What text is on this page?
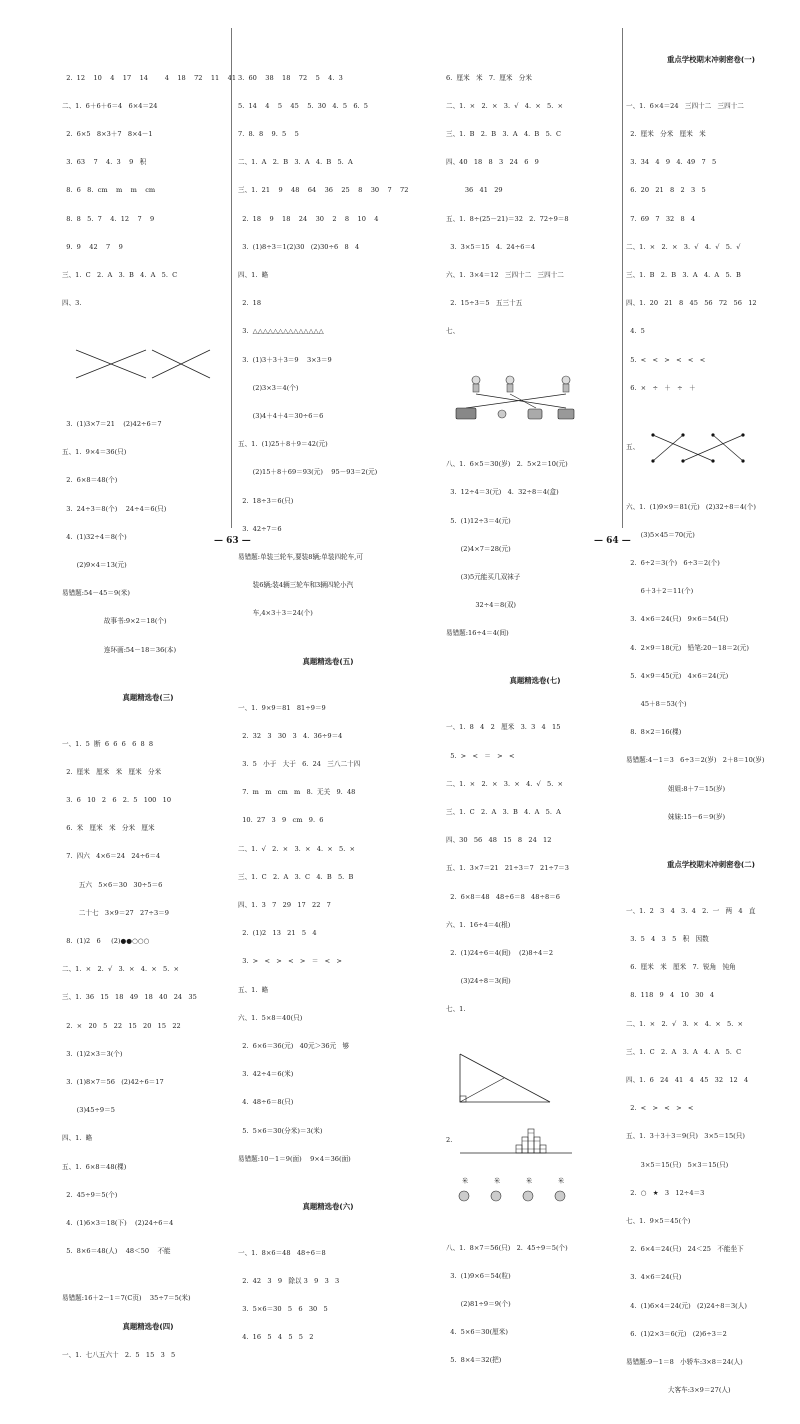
2.  12    10    4    17    14        4    18    72    11    41

二、1.  6＋6＋6＝4   6×4＝24

2.  6×5   8×3＋7   8×4－1

3.  63    7    4.  3    9   积

8.  6   8.  cm    m    m    cm

8.  8   5.  7    4.  12    7    9

9.  9    42    7    9

三、1.  C   2.  A   3.  B   4.  A   5.  C

四、3.

3.  (1)3×7＝21    (2)42÷6＝7

五、1.  9×4＝36(只)

2.  6×8＝48(个)

3.  24÷3＝8(个)    24÷4＝6(只)

4.  (1)32÷4＝8(个)

(2)9×4＝13(元)

易错题:54－45＝9(米)

故事书:9×2＝18(个)

连环画:54－18＝36(本)

真题精选卷(三)

一、1.  5  断  6  6  6   6  8  8

2.  厘米   厘米   米   厘米   分米

3.  6   10   2   6   2.  5   100   10

6.  米   厘米   米   分米   厘米

7.  四六   4×6＝24   24÷6＝4

五六   5×6＝30   30÷5＝6

二十七   3×9＝27   27÷3＝9

8.  (1)2   6     (2)●●○○○

二、1.  ×   2.  √   3.  ×   4.  ×   5.  ×

三、1.  36   15   18   49   18   40   24   35

2.  ×   20   5   22   15   20   15   22

3.  (1)2×3＝3(个)

3.  (1)8×7＝56   (2)42÷6＝17

(3)45÷9＝5

四、1.  略

五、1.  6×8＝48(棵)

2.  45÷9＝5(个)

4.  (1)6×3＝18(下)    (2)24÷6＝4

5.  8×6＝48(人)    48＜50    不能

易错题:16＋2－1＝7(C页)    35÷7＝5(米)

真题精选卷(四)

一、1.  七八五六十   2.  5   15   3   5

3.  60    38    18    72    5    4.  3

5.  14    4    5    45    5.  30   4.  5   6.  5

7.  8.  8    9.  5    5

二、1.  A   2.  B   3.  A   4.  B   5.  A

三、1.  21    9    48    64    36    25    8    30    7    72

2.  18    9    18    24    30    2    8    10    4

3.  (1)8÷3＝1(2)30   (2)30÷6   8   4

四、1.  略

2.  18

3.  △△△△△△△△△△△△△△

3.  (1)3＋3＋3＝9    3×3＝9

(2)3×3＝4(个)

(3)4＋4＋4＝30÷6＝6

五、1.  (1)25＋8＋9＝42(元)

(2)15＋8＋69＝93(元)    95－93＝2(元)

2.  18÷3＝6(只)

3.  42÷7＝6

易错题:单装三轮车,要装8辆;单装四轮车,可

装6辆;装4辆三轮车和3辆四轮小汽

车,4×3＋3＝24(个)

真题精选卷(五)

一、1.  9×9＝81   81÷9＝9

2.  32   3   30   3   4.  36÷9＝4

3.  5   小于   大于   6.  24   三八二十四

7.  m   m   cm   m   8.  无关   9.  48

10.  27   3   9   cm   9.  6

二、1.  √   2.  ×   3.  ×   4.  ×   5.  ×

三、1.  C   2.  A   3.  C   4.  B   5.  B

四、1.  3   7   29   17   22   7

2.  (1)2   13   21   5   4

3.  >   <   >   <   >   ＝   <   >

五、1.  略

六、1.  5×8＝40(只)

2.  6×6＝36(元)   40元＞36元   够

3.  42÷4＝6(米)

4.  48÷6＝8(只)

5.  5×6＝30(分米)＝3(米)

易错题:10－1＝9(面)    9×4＝36(面)

真题精选卷(六)

一、1.  8×6＝48   48÷6＝8

2.  42   3   9   除以 3   9   3   3

3.  5×6＝30   5   6   30   5

4.  16   5   4   5   5   2

— 63 —

6.  厘米   米   7.  厘米   分米

二、1.  ×   2.  ×   3.  √   4.  ×   5.  ×

三、1.  B   2.  B   3.  A   4.  B   5.  C

四、40   18   8   3   24   6   9

36   41   29

五、1.  8÷(25－21)＝32   2.  72÷9＝8

3.  3×5＝15   4.  24÷6＝4

六、1.  3×4＝12   三四十二   三四十二

2.  15÷3＝5   五三十五

七、

八、1.  6×5＝30(岁)   2.  5×2＝10(元)

3.  12÷4＝3(元)   4.  32÷8＝4(盒)

5.  (1)12÷3＝4(元)

(2)4×7＝28(元)

(3)5元能买几双袜子

32÷4＝8(双)

易错题:16÷4＝4(间)

真题精选卷(七)

一、1.  8   4   2   厘米   3.  3   4   15

5.  >   <   ＝   >   <

二、1.  ×   2.  ×   3.  ×   4.  √   5.  ×

三、1.  C   2.  A   3.  B   4.  A   5.  A

四、30   56   48   15   8   24   12

五、1.  3×7＝21   21÷3＝7   21÷7＝3

2.  6×8＝48   48÷6＝8   48÷8＝6

六、1.  16÷4＝4(根)

2.  (1)24÷6＝4(间)    (2)8÷4＝2

(3)24÷8＝3(间)

七、1.

2.

米	米	米	米

八、1.  8×7＝56(只)   2.  45÷9＝5(个)

3.  (1)9×6＝54(粒)

(2)81÷9＝9(个)

4.  5×6＝30(厘米)

5.  8×4＝32(把)

重点学校期末冲刺密卷(一)

一、1.  6×4＝24   三四十二   三四十二

2.  厘米   分米   厘米   米

3.  34   4   9   4.  49   7   5

6.  20   21   8   2   3   5

7.  69   7   32   8   4

二、1.  ×   2.  ×   3.  √   4.  √   5.  √

三、1.  B   2.  B   3.  A   4.  A   5.  B

四、1.  20   21   8   45   56   72   56   12

4.  5

5.  <   <   >   <   <   <

6.  ×   ÷   ＋   ÷   ＋

五、

六、1.  (1)9×9＝81(元)   (2)32÷8＝4(个)

(3)5×45＝70(元)

2.  6÷2＝3(个)   6÷3＝2(个)

6＋3＋2＝11(个)

3.  4×6＝24(只)   9×6＝54(只)

4.  2×9＝18(元)   铅笔:20－18＝2(元)

5.  4×9＝45(元)   4×6＝24(元)

45＋8＝53(个)

8.  8×2＝16(棵)

易错题:4－1＝3   6÷3＝2(岁)   2＋8＝10(岁)

姐姐:8＋7＝15(岁)

妹妹:15－6＝9(岁)

重点学校期末冲刺密卷(二)

一、1.  2   3   4   3.  4   2.  一   两   4   直

3.  5   4   3   5   积   因数

6.  厘米   米   厘米   7.  锐角   钝角

8.  118   9   4   10   30   4

二、1.  ×   2.  √   3.  ×   4.  ×   5.  ×

三、1.  C   2.  A   3.  A   4.  A   5.  C

四、1.  6   24   41   4   45   32   12   4

2.  <   >   <   >   <

五、1.  3＋3＋3＝9(只)   3×5＝15(只)

3×5＝15(只)   5×3＝15(只)

2.  ○   ★   3   12÷4＝3

七、1.  9×5＝45(个)

2.  6×4＝24(只)   24＜25   不能坐下

3.  4×6＝24(只)

4.  (1)6×4＝24(元)   (2)24÷8＝3(人)

6.  (1)2×3＝6(元)   (2)6÷3＝2

易错题:9－1＝8   小轿车:3×8＝24(人)

大客车:3×9＝27(人)

— 64 —
